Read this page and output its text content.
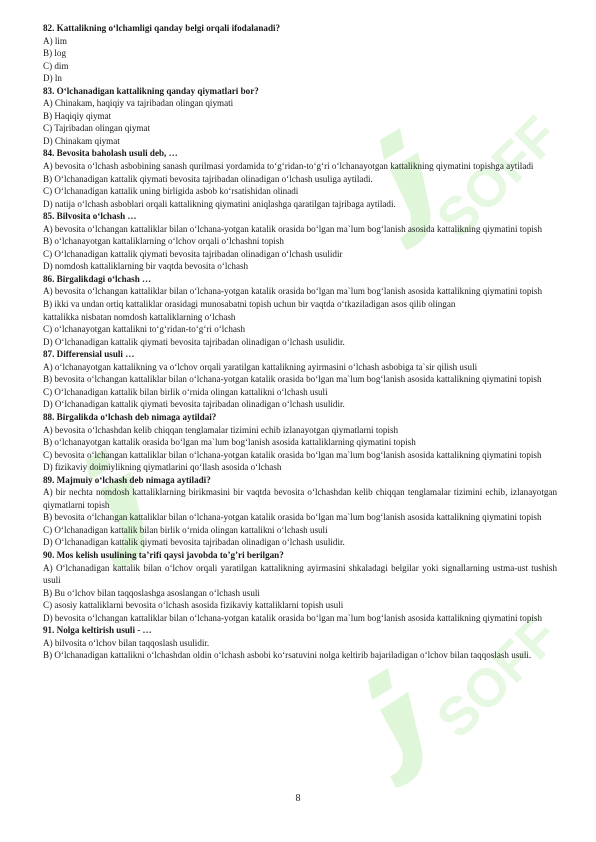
SOFF
SOFF
82. Kattalikning o‘lchamligi qanday belgi orqali ifodalanadi?
A) lim
B) log
C) dim
D) ln
83. O‘lchanadigan kattalikning qanday qiymatlari bor?
A) Chinakam, haqiqiy va tajribadan olingan qiymati
B) Haqiqiy qiymat
C) Tajribadan olingan qiymat
D) Chinakam qiymat
84. Bevosita baholash usuli deb, …
A) bevosita o‘lchash asbobining sanash qurilmasi yordamida to‘g‘ridan-to‘g‘ri o‘lchanayotgan kattalikning qiymatini topishga aytiladi
B) O‘lchanadigan kattalik qiymati bevosita tajribadan olinadigan o‘lchash usuliga aytiladi.
C) O‘lchanadigan kattalik uning birligida asbob ko‘rsatishidan olinadi
D) natija o‘lchash asboblari orqali kattalikning qiymatini aniqlashga qaratilgan tajribaga aytiladi.
85. Bilvosita o‘lchash …
A) bevosita o‘lchangan kattaliklar bilan o‘lchana-yotgan katalik orasida bo‘lgan ma`lum bog‘lanish asosida kattalikning qiymatini topish
B) o‘lchanayotgan kattaliklarning o‘lchov orqali o‘lchashni topish
C) O‘lchanadigan kattalik qiymati bevosita tajribadan olinadigan o‘lchash usulidir
D) nomdosh kattaliklarning bir vaqtda bevosita o‘lchash
86. Birgalikdagi o‘lchash …
A) bevosita o‘lchangan kattaliklar bilan o‘lchana-yotgan katalik orasida bo‘lgan ma`lum bog‘lanish asosida kattalikning qiymatini topish
B) ikki va undan ortiq kattaliklar orasidagi munosabatni topish uchun bir vaqtda o‘tkaziladigan asos qilib olingan kattalikka nisbatan nomdosh kattaliklarning o‘lchash
C) o‘lchanayotgan kattalikni to‘g‘ridan-to‘g‘ri o‘lchash
D) O‘lchanadigan kattalik qiymati bevosita tajribadan olinadigan o‘lchash usulidir.
87. Differensial usuli …
A) o‘lchanayotgan kattalikning va o‘lchov orqali yaratilgan kattalikning ayirmasini o‘lchash asbobiga ta`sir qilish usuli
B) bevosita o‘lchangan kattaliklar bilan o‘lchana-yotgan katalik orasida bo‘lgan ma`lum bog‘lanish asosida kattalikning qiymatini topish
C) O‘lchanadigan kattalik bilan birlik o‘rnida olingan kattalikni o‘lchash usuli
D) O‘lchanadigan kattalik qiymati bevosita tajribadan olinadigan o‘lchash usulidir.
88. Birgalikda o‘lchash deb nimaga aytildai?
A) bevosita o‘lchashdan kelib chiqqan tenglamalar tizimini echib izlanayotgan qiymatlarni topish
B) o‘lchanayotgan kattalik orasida bo‘lgan ma`lum bog‘lanish asosida kattaliklarning qiymatini topish
C) bevosita o‘lchangan kattaliklar bilan o‘lchana-yotgan katalik orasida bo‘lgan ma`lum bog‘lanish asosida kattalikning qiymatini topish
D) fizikaviy doimiylikning qiymatlarini qo‘llash asosida o‘lchash
89. Majmuiy o‘lchash deb nimaga aytiladi?
A) bir nechta nomdosh kattaliklarning birikmasini bir vaqtda bevosita o‘lchashdan kelib chiqqan tenglamalar tizimini echib, izlanayotgan qiymatlarni topish
B) bevosita o‘lchangan kattaliklar bilan o‘lchana-yotgan katalik orasida bo‘lgan ma`lum bog‘lanish asosida kattalikning qiymatini topish
C) O‘lchanadigan kattalik bilan birlik o‘rnida olingan kattalikni o‘lchash usuli
D) O‘lchanadigan kattalik qiymati bevosita tajribadan olinadigan o‘lchash usulidir.
90. Mos kelish usulining ta’rifi qaysi javobda to’g’ri berilgan?
A) O‘lchanadigan kattalik bilan o‘lchov orqali yaratilgan kattalikning ayirmasini shkaladagi belgilar yoki signallarning ustma-ust tushish usuli
B) Bu o‘lchov bilan taqqoslashga asoslangan o‘lchash usuli
C) asosiy kattaliklarni bevosita o‘lchash asosida fizikaviy kattaliklarni topish usuli
D) bevosita o‘lchangan kattaliklar bilan o‘lchana-yotgan katalik orasida bo‘lgan ma`lum bog‘lanish asosida kattalikning qiymatini topish
91. Nolga keltirish usuli - …
A) bilvosita o‘lchov bilan taqqoslash usulidir.
B) O‘lchanadigan kattalikni o‘lchashdan oldin o‘lchash asbobi ko‘rsatuvini nolga keltirib bajariladigan o‘lchov bilan taqqoslash usuli.
8
